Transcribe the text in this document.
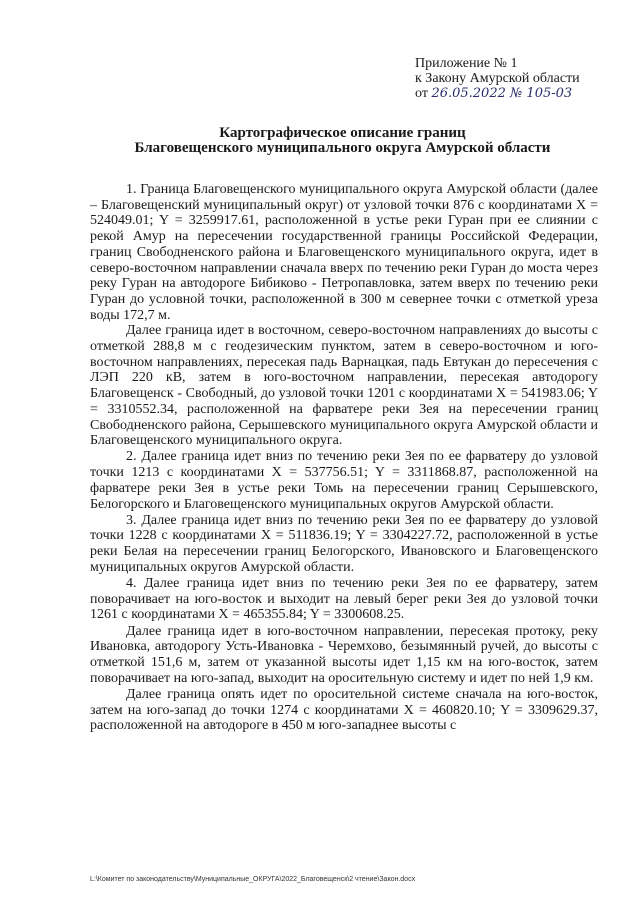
Приложение № 1
к Закону Амурской области
от 26.05.2022 № 105-03
Картографическое описание границ
Благовещенского муниципального округа Амурской области

1. Граница Благовещенского муниципального округа Амурской области (далее – Благовещенский муниципальный округ) от узловой точки 876 с координатами X = 524049.01; Y = 3259917.61, расположенной в устье реки Гуран при ее слиянии с рекой Амур на пересечении государственной границы Российской Федерации, границ Свободненского района и Благовещенского муниципального округа, идет в северо-восточном направлении сначала вверх по течению реки Гуран до моста через реку Гуран на автодороге Бибиково - Петропавловка, затем вверх по течению реки Гуран до условной точки, расположенной в 300 м севернее точки с отметкой уреза воды 172,7 м.

Далее граница идет в восточном, северо-восточном направлениях до высоты с отметкой 288,8 м с геодезическим пунктом, затем в северо-восточном и юго-восточном направлениях, пересекая падь Варнацкая, падь Евтукан до пересечения с ЛЭП 220 кВ, затем в юго-восточном направлении, пересекая автодорогу Благовещенск - Свободный, до узловой точки 1201 с координатами X = 541983.06; Y = 3310552.34, расположенной на фарватере реки Зея на пересечении границ Свободненского района, Серышевского муниципального округа Амурской области и Благовещенского муниципального округа.

2. Далее граница идет вниз по течению реки Зея по ее фарватеру до узловой точки 1213 с координатами X = 537756.51; Y = 3311868.87, расположенной на фарватере реки Зея в устье реки Томь на пересечении границ Серышевского, Белогорского и Благовещенского муниципальных округов Амурской области.

3. Далее граница идет вниз по течению реки Зея по ее фарватеру до узловой точки 1228 с координатами X = 511836.19; Y = 3304227.72, расположенной в устье реки Белая на пересечении границ Белогорского, Ивановского и Благовещенского муниципальных округов Амурской области.

4. Далее граница идет вниз по течению реки Зея по ее фарватеру, затем поворачивает на юго-восток и выходит на левый берег реки Зея до узловой точки 1261 с координатами X = 465355.84; Y = 3300608.25.

Далее граница идет в юго-восточном направлении, пересекая протоку, реку Ивановка, автодорогу Усть-Ивановка - Черемхово, безымянный ручей, до высоты с отметкой 151,6 м, затем от указанной высоты идет 1,15 км на юго-восток, затем поворачивает на юго-запад, выходит на оросительную систему и идет по ней 1,9 км.

Далее граница опять идет по оросительной системе сначала на юго-восток, затем на юго-запад до точки 1274 с координатами X = 460820.10; Y = 3309629.37, расположенной на автодороге в 450 м юго-западнее высоты с

L:\Комитет по законодательству\Муниципальные_ОКРУГА\2022_Благовещенск\2 чтение\Закон.docx
